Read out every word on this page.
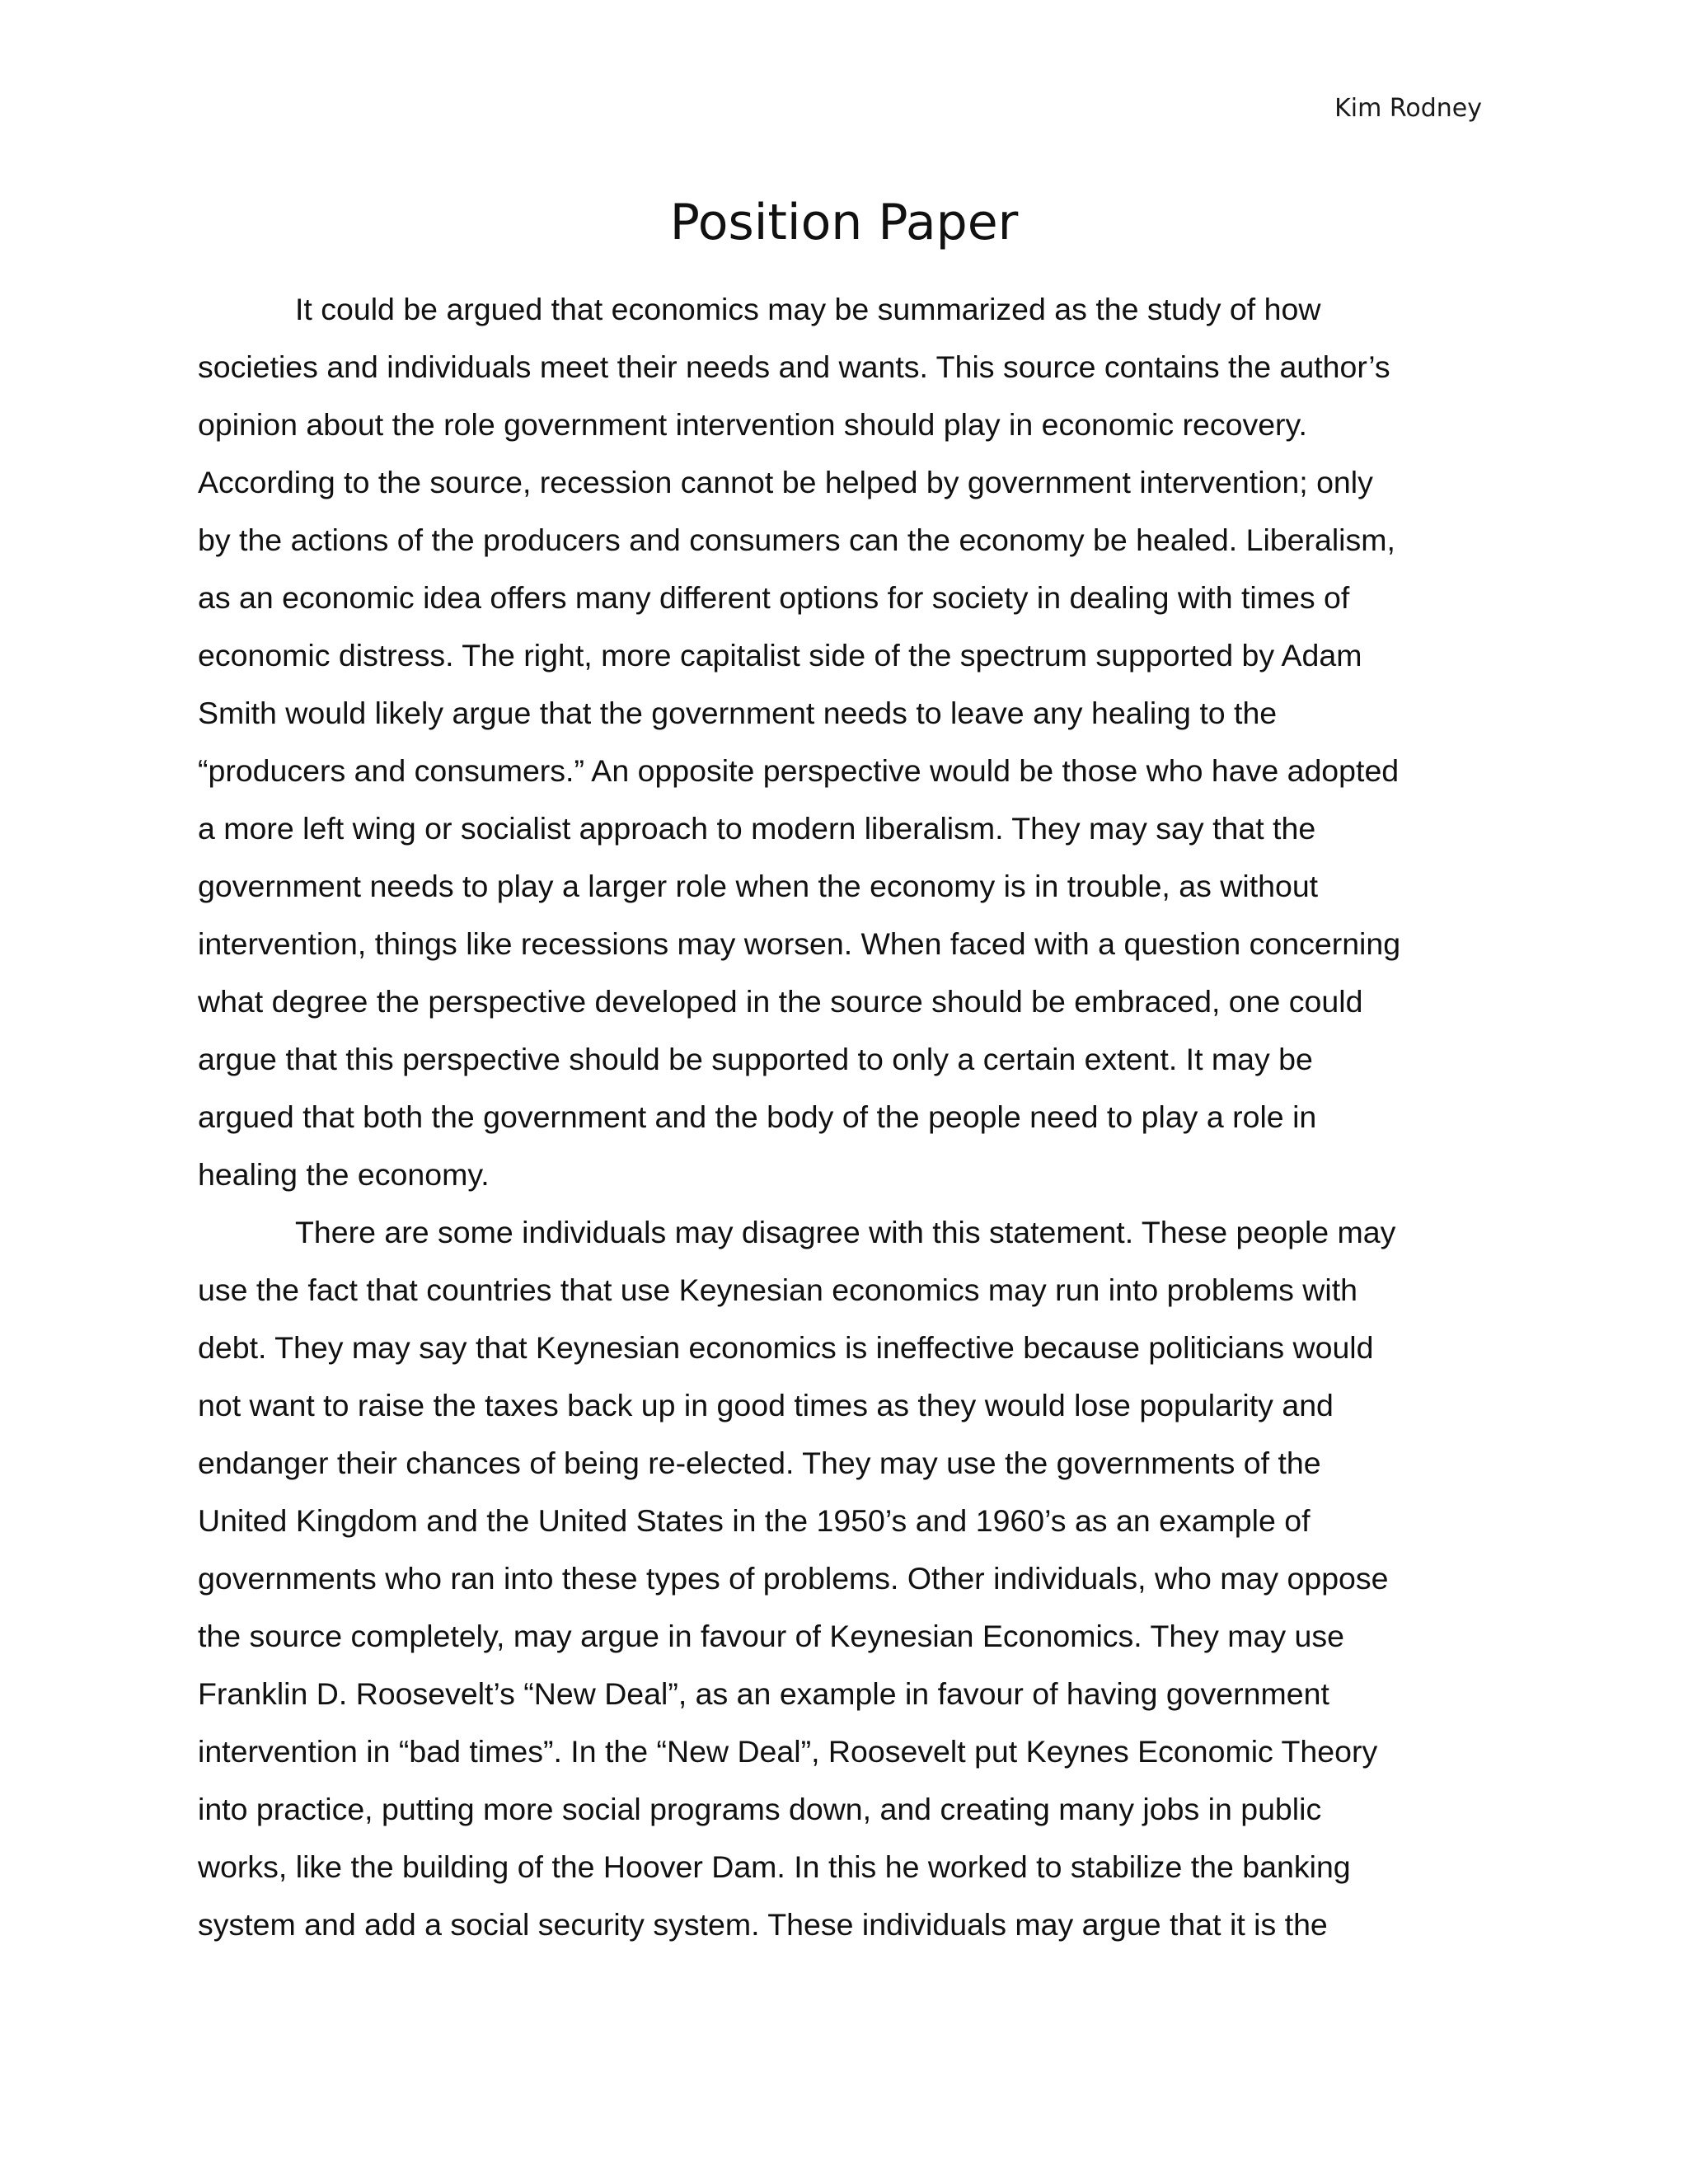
Kim Rodney
Position Paper
It could be argued that economics may be summarized as the study of how
societies and individuals meet their needs and wants. This source contains the author’s
opinion about the role government intervention should play in economic recovery.
According to the source, recession cannot be helped by government intervention; only
by the actions of the producers and consumers can the economy be healed. Liberalism,
as an economic idea offers many different options for society in dealing with times of
economic distress. The right, more capitalist side of the spectrum supported by Adam
Smith would likely argue that the government needs to leave any healing to the
“producers and consumers.” An opposite perspective would be those who have adopted
a more left wing or socialist approach to modern liberalism. They may say that the
government needs to play a larger role when the economy is in trouble, as without
intervention, things like recessions may worsen. When faced with a question concerning
what degree the perspective developed in the source should be embraced, one could
argue that this perspective should be supported to only a certain extent. It may be
argued that both the government and the body of the people need to play a role in
healing the economy.
There are some individuals may disagree with this statement. These people may
use the fact that countries that use Keynesian economics may run into problems with
debt. They may say that Keynesian economics is ineffective because politicians would
not want to raise the taxes back up in good times as they would lose popularity and
endanger their chances of being re-elected. They may use the governments of the
United Kingdom and the United States in the 1950’s and 1960’s as an example of
governments who ran into these types of problems. Other individuals, who may oppose
the source completely, may argue in favour of Keynesian Economics. They may use
Franklin D. Roosevelt’s “New Deal”, as an example in favour of having government
intervention in “bad times”. In the “New Deal”, Roosevelt put Keynes Economic Theory
into practice, putting more social programs down, and creating many jobs in public
works, like the building of the Hoover Dam. In this he worked to stabilize the banking
system and add a social security system. These individuals may argue that it is the
